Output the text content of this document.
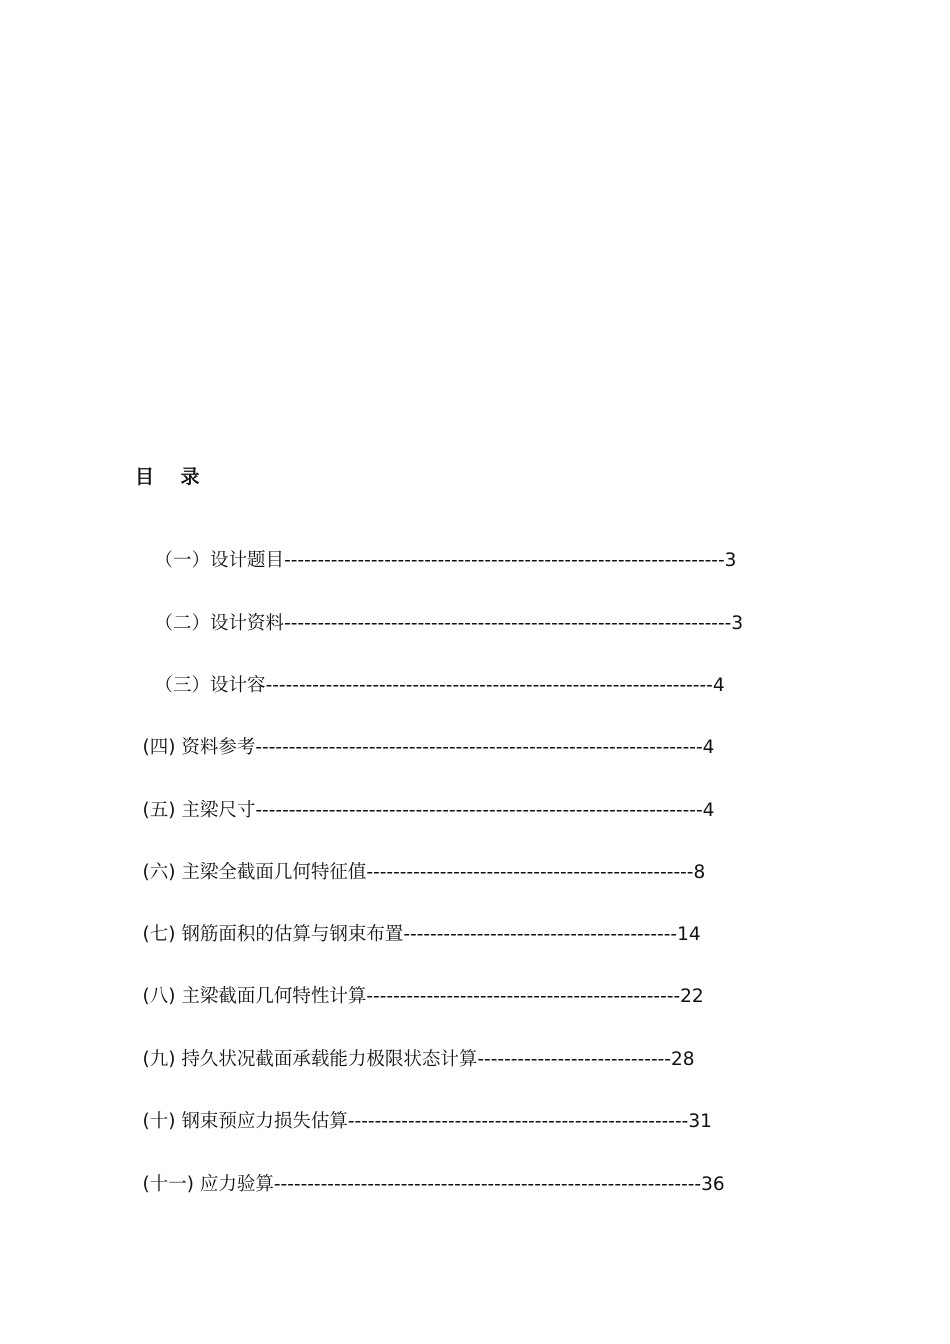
目    录

（一）设计题目------------------------------------------------------------------3

（二）设计资料-------------------------------------------------------------------3

（三）设计容-------------------------------------------------------------------4

(四) 资料参考-------------------------------------------------------------------4

(五) 主梁尺寸-------------------------------------------------------------------4

(六) 主梁全截面几何特征值-------------------------------------------------8

(七) 钢筋面积的估算与钢束布置-----------------------------------------14

(八) 主梁截面几何特性计算-----------------------------------------------22

(九) 持久状况截面承载能力极限状态计算-----------------------------28

(十) 钢束预应力损失估算---------------------------------------------------31

(十一) 应力验算----------------------------------------------------------------36
